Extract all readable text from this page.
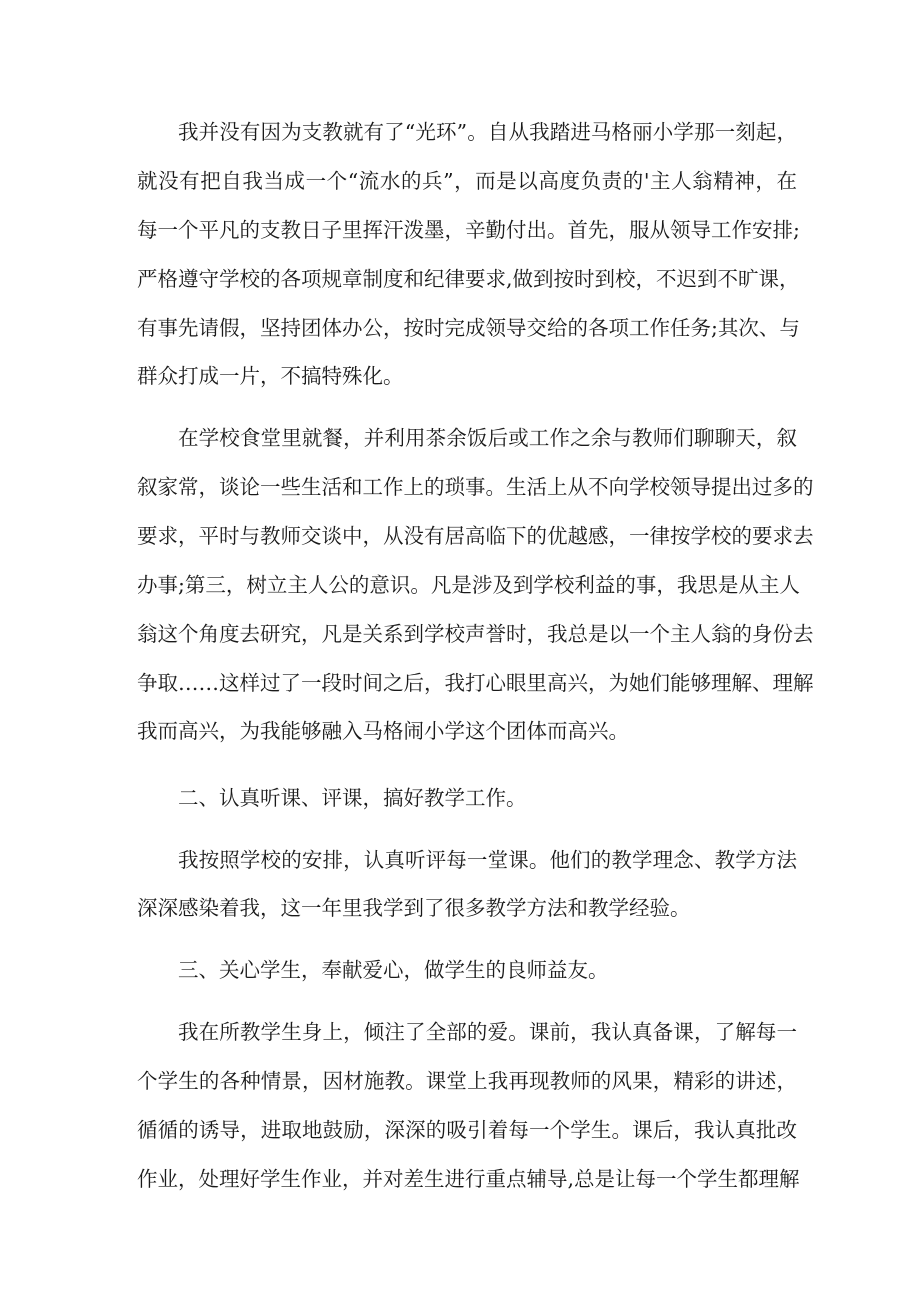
我并没有因为支教就有了“光环”。自从我踏进马格丽小学那一刻起，

就没有把自我当成一个“流水的兵”，而是以高度负责的'主人翁精神，在

每一个平凡的支教日子里挥汗泼墨，辛勤付出。首先，服从领导工作安排;

严格遵守学校的各项规章制度和纪律要求,做到按时到校，不迟到不旷课，

有事先请假，坚持团体办公，按时完成领导交给的各项工作任务;其次、与

群众打成一片，不搞特殊化。

在学校食堂里就餐，并利用茶余饭后或工作之余与教师们聊聊天，叙

叙家常，谈论一些生活和工作上的琐事。生活上从不向学校领导提出过多的

要求，平时与教师交谈中，从没有居高临下的优越感，一律按学校的要求去

办事;第三，树立主人公的意识。凡是涉及到学校利益的事，我思是从主人

翁这个角度去研究，凡是关系到学校声誉时，我总是以一个主人翁的身份去

争取……这样过了一段时间之后，我打心眼里高兴，为她们能够理解、理解

我而高兴，为我能够融入马格闹小学这个团体而高兴。

二、认真听课、评课，搞好教学工作。

我按照学校的安排，认真听评每一堂课。他们的教学理念、教学方法

深深感染着我，这一年里我学到了很多教学方法和教学经验。

三、关心学生，奉献爱心，做学生的良师益友。

我在所教学生身上，倾注了全部的爱。课前，我认真备课，了解每一

个学生的各种情景，因材施教。课堂上我再现教师的风果，精彩的讲述，

循循的诱导，进取地鼓励，深深的吸引着每一个学生。课后，我认真批改

作业，处理好学生作业，并对差生进行重点辅导,总是让每一个学生都理解
